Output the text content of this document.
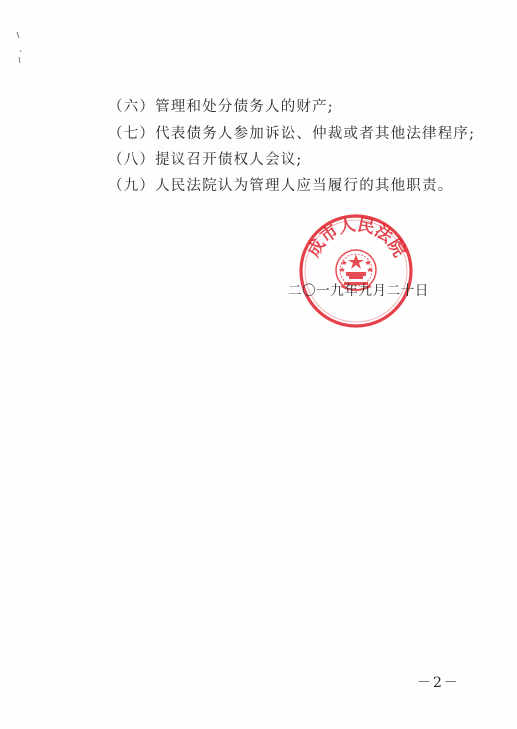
（六）管理和处分债务人的财产;
（七）代表债务人参加诉讼、仲裁或者其他法律程序;
（八）提议召开债权人会议;
（九）人民法院认为管理人应当履行的其他职责。
成市人民法院
二〇一九年九月二十日
－2－
